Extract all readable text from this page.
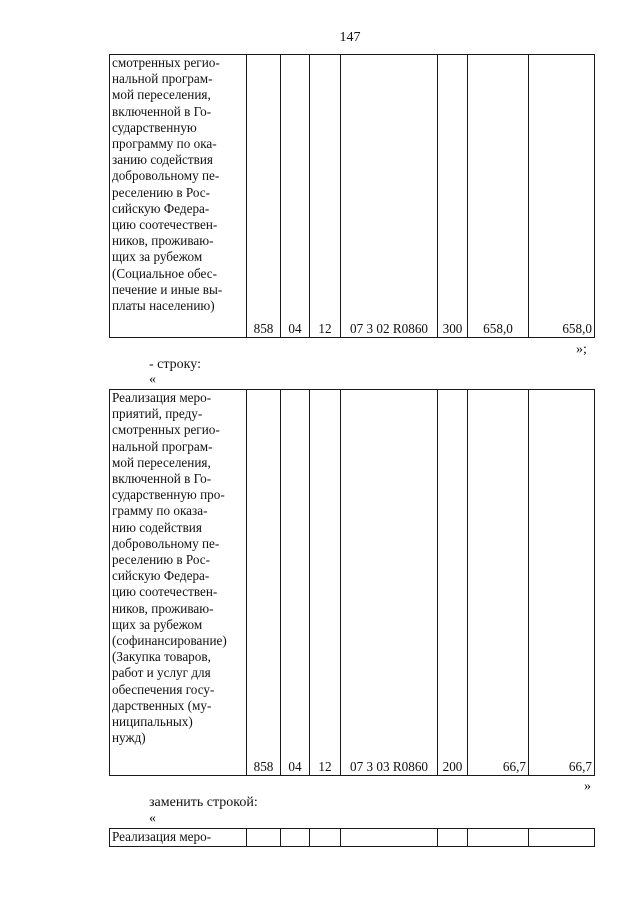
147
смотренных регио-
нальной програм-
мой переселения,
включенной в Го-
сударственную
программу по ока-
занию содействия
добровольному пе-
реселению в Рос-
сийскую Федера-
цию соотечествен-
ников, проживаю-
щих за рубежом
(Социальное обес-
печение и иные вы-
платы населению)	858	04	12	07 3 02 R0860	300	658,0	658,0
»;
- строку:
«
Реализация меро-
приятий, преду-
смотренных регио-
нальной програм-
мой переселения,
включенной в Го-
сударственную про-
грамму по оказа-
нию содействия
добровольному пе-
реселению в Рос-
сийскую Федера-
цию соотечествен-
ников, проживаю-
щих за рубежом
(софинансирование)
(Закупка товаров,
работ и услуг для
обеспечения госу-
дарственных (му-
ниципальных)
нужд)	858	04	12	07 3 03 R0860	200	66,7	66,7
»
заменить строкой:
«
Реализация меро-							
